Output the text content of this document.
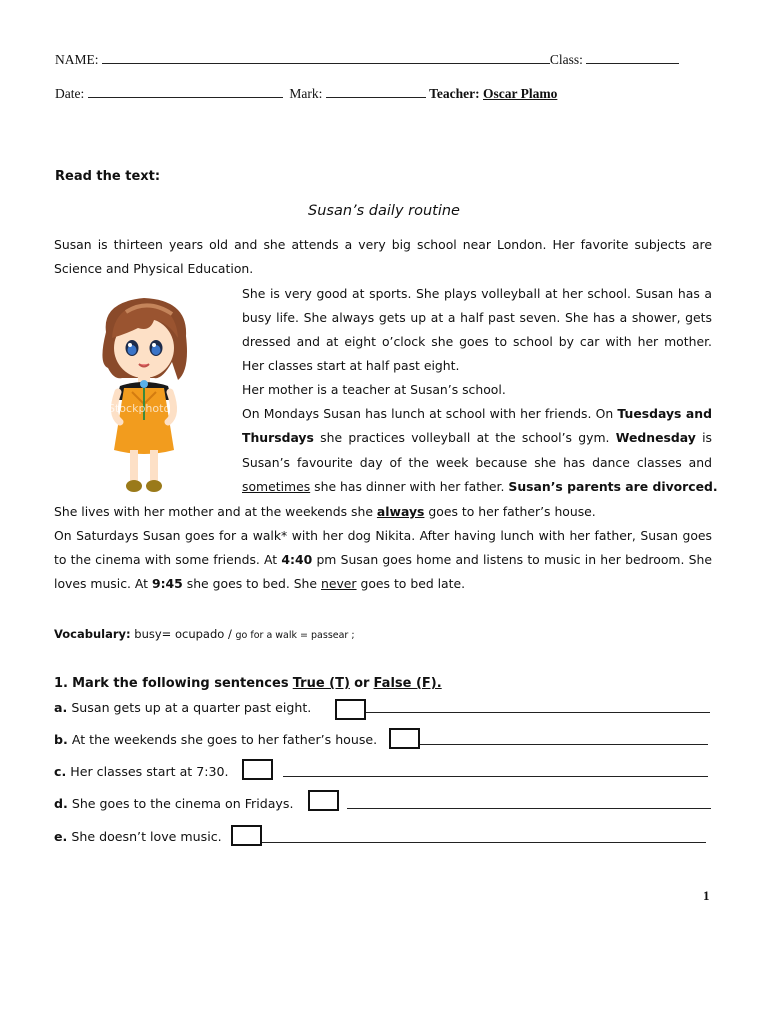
NAME:	Class:
Date:	Mark:	Teacher: Oscar Plamo
Read the text:
Susan’s daily routine
Susan is thirteen years old and she attends a very big school near London. Her favorite subjects are
Science and Physical Education.
Stockphoto
She is very good at sports. She plays volleyball at her school. Susan has a
busy life. She always gets up at a half past seven. She has a shower, gets
dressed and at eight o’clock she goes to school by car with her mother.
Her classes start at half past eight.
Her mother is a teacher at Susan’s school.
On Mondays Susan has lunch at school with her friends. On Tuesdays and
Thursdays she practices volleyball at the school’s gym. Wednesday is
Susan’s favourite day of the week because she has dance classes and
sometimes she has dinner with her father. Susan’s parents are divorced.
She lives with her mother and at the weekends she always goes to her father’s house.
On Saturdays Susan goes for a walk* with her dog Nikita. After having lunch with her father, Susan goes
to the cinema with some friends. At 4:40 pm Susan goes home and listens to music in her bedroom. She
loves music. At 9:45 she goes to bed. She never goes to bed late.
Vocabulary: busy= ocupado / go for a walk = passear ;
1. Mark the following sentences True (T) or False (F).
a. Susan gets up at a quarter past eight.
b. At the weekends she goes to her father’s house.
c. Her classes start at 7:30.
d. She goes to the cinema on Fridays.
e. She doesn’t love music.
1
